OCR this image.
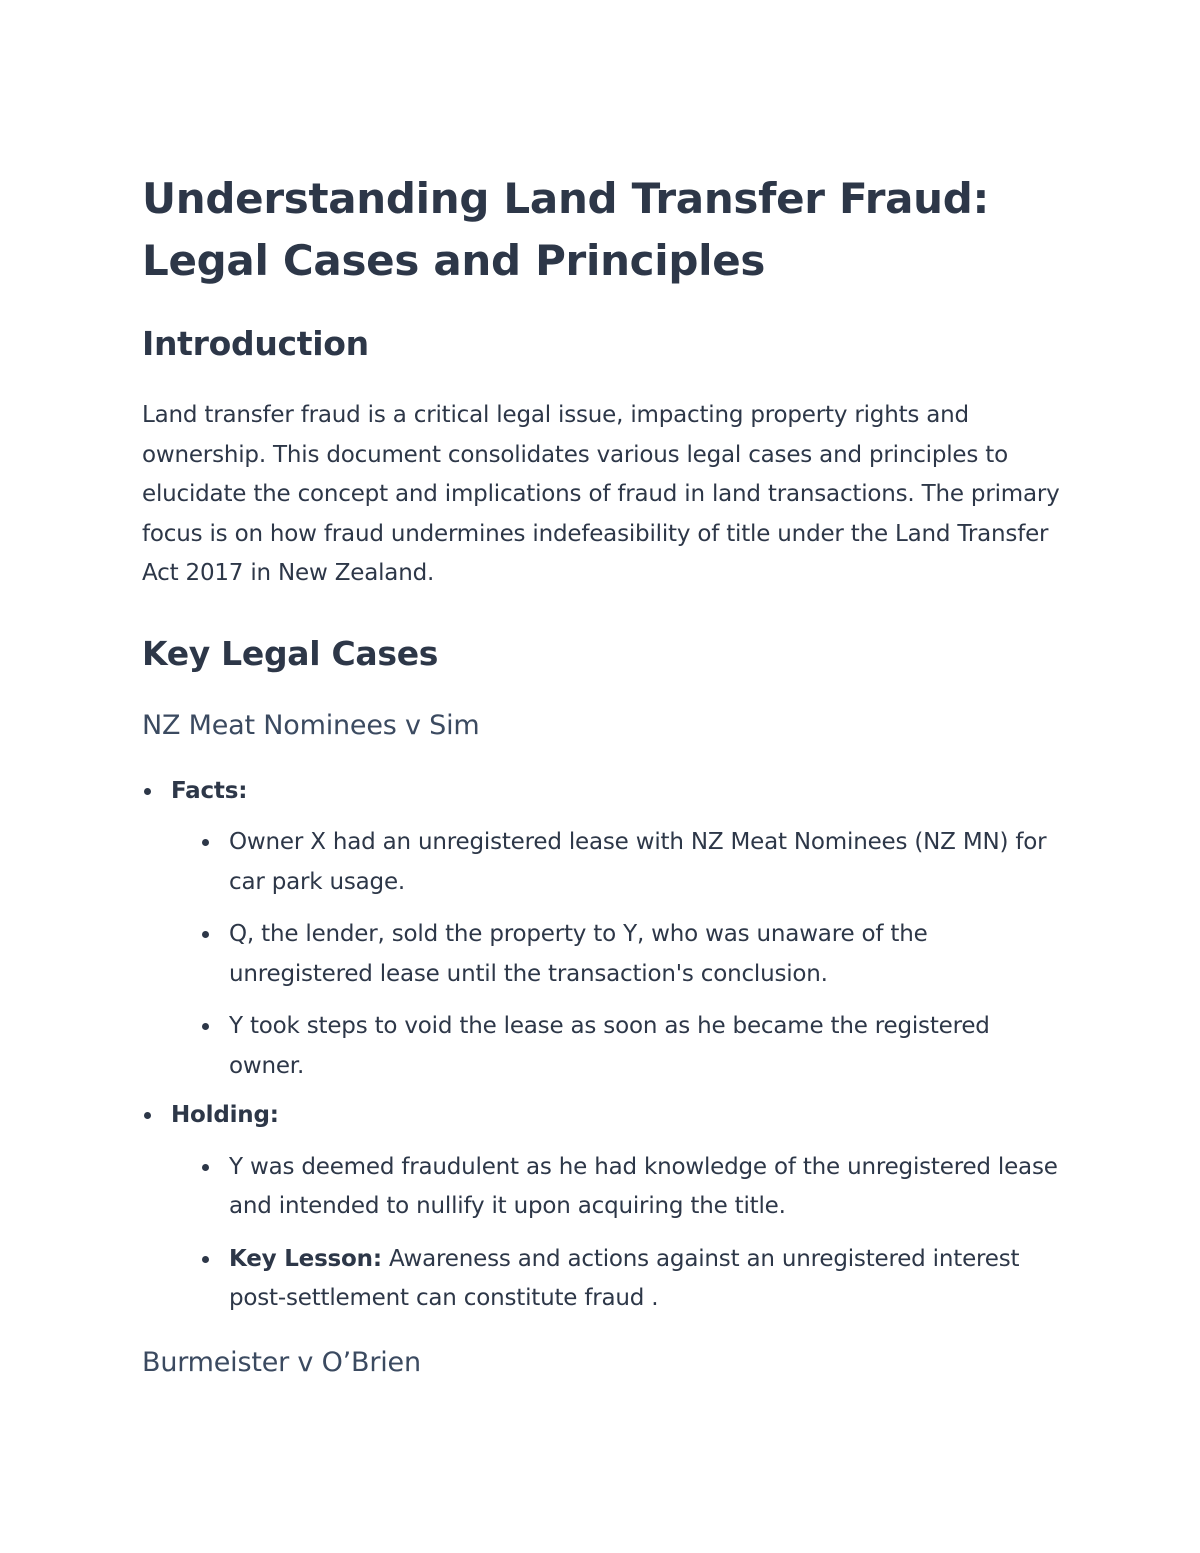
Understanding Land Transfer Fraud:
Legal Cases and Principles
Introduction

Land transfer fraud is a critical legal issue, impacting property rights and ownership. This document consolidates various legal cases and principles to elucidate the concept and implications of fraud in land transactions. The primary focus is on how fraud undermines indefeasibility of title under the Land Transfer Act 2017 in New Zealand.

Key Legal Cases
NZ Meat Nominees v Sim
Facts:
Owner X had an unregistered lease with NZ Meat Nominees (NZ MN) for car park usage.
Q, the lender, sold the property to Y, who was unaware of the unregistered lease until the transaction's conclusion.
Y took steps to void the lease as soon as he became the registered owner.
Holding:
Y was deemed fraudulent as he had knowledge of the unregistered lease and intended to nullify it upon acquiring the title.
Key Lesson: Awareness and actions against an unregistered interest post-settlement can constitute fraud .
Burmeister v O’Brien
